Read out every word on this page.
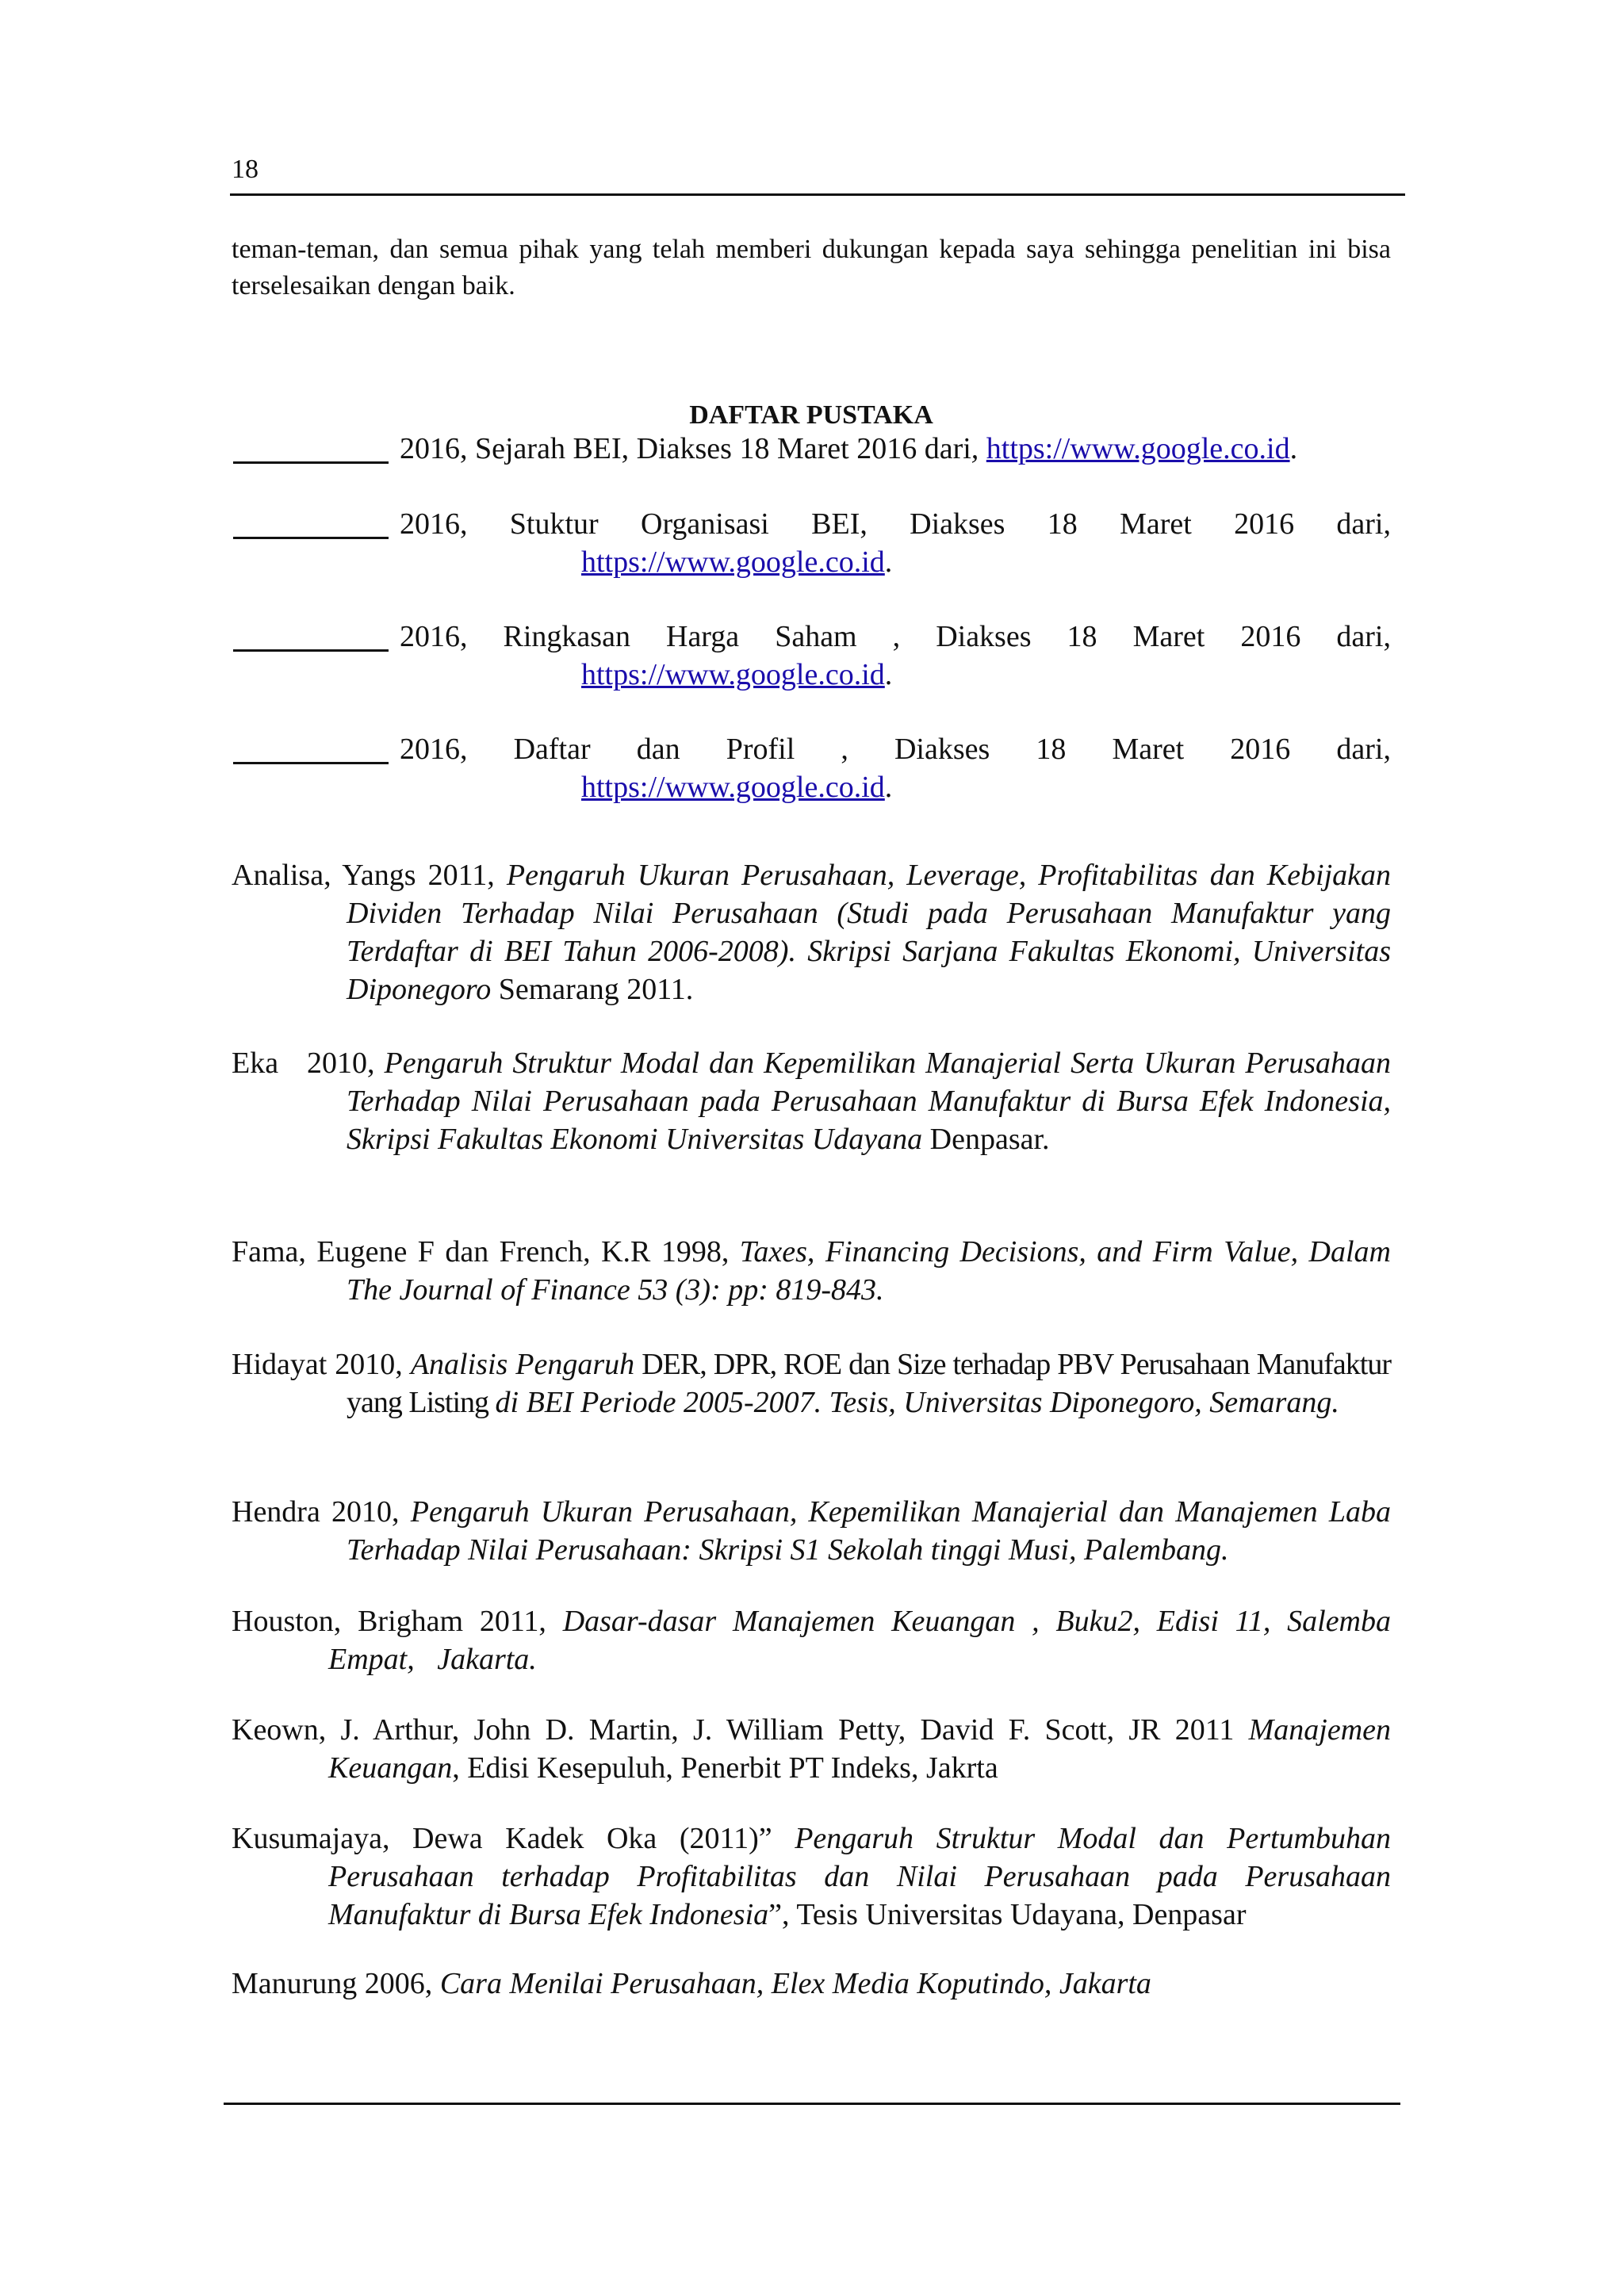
18
teman-teman, dan semua pihak yang telah memberi dukungan kepada saya sehingga penelitian ini bisa terselesaikan dengan baik.
DAFTAR PUSTAKA
2016, Sejarah BEI, Diakses 18 Maret 2016 dari, https://www.google.co.id.
2016, Stuktur Organisasi BEI, Diakses 18 Maret 2016 dari,
https://www.google.co.id.
2016, Ringkasan Harga Saham , Diakses 18 Maret 2016 dari,
https://www.google.co.id.
2016, Daftar dan Profil , Diakses 18 Maret 2016 dari,
https://www.google.co.id.
Analisa, Yangs 2011, Pengaruh Ukuran Perusahaan, Leverage, Profitabilitas dan Kebijakan Dividen Terhadap Nilai Perusahaan (Studi pada Perusahaan Manufaktur yang Terdaftar di BEI Tahun 2006-2008). Skripsi Sarjana Fakultas Ekonomi, Universitas Diponegoro Semarang 2011.
Eka   2010, Pengaruh Struktur Modal dan Kepemilikan Manajerial Serta Ukuran Perusahaan Terhadap Nilai Perusahaan pada Perusahaan Manufaktur di Bursa Efek Indonesia, Skripsi Fakultas Ekonomi Universitas Udayana Denpasar.
Fama, Eugene F dan French, K.R 1998, Taxes, Financing Decisions, and Firm Value, Dalam The Journal of Finance 53 (3): pp: 819-843.
Hidayat 2010, Analisis Pengaruh DER, DPR, ROE dan Size terhadap PBV Perusahaan Manufaktur yang Listing di BEI Periode 2005-2007. Tesis, Universitas Diponegoro, Semarang.
Hendra 2010, Pengaruh Ukuran Perusahaan, Kepemilikan Manajerial dan Manajemen Laba Terhadap Nilai Perusahaan: Skripsi S1 Sekolah tinggi Musi, Palembang.
Houston, Brigham 2011, Dasar-dasar Manajemen Keuangan , Buku2, Edisi 11, Salemba Empat,   Jakarta.
Keown, J. Arthur, John D. Martin, J. William Petty, David F. Scott, JR 2011 Manajemen Keuangan, Edisi Kesepuluh, Penerbit PT Indeks, Jakrta
Kusumajaya, Dewa Kadek Oka (2011)” Pengaruh Struktur Modal dan Pertumbuhan Perusahaan terhadap Profitabilitas dan Nilai Perusahaan pada Perusahaan Manufaktur di Bursa Efek Indonesia”, Tesis Universitas Udayana, Denpasar
Manurung 2006, Cara Menilai Perusahaan, Elex Media Koputindo, Jakarta
